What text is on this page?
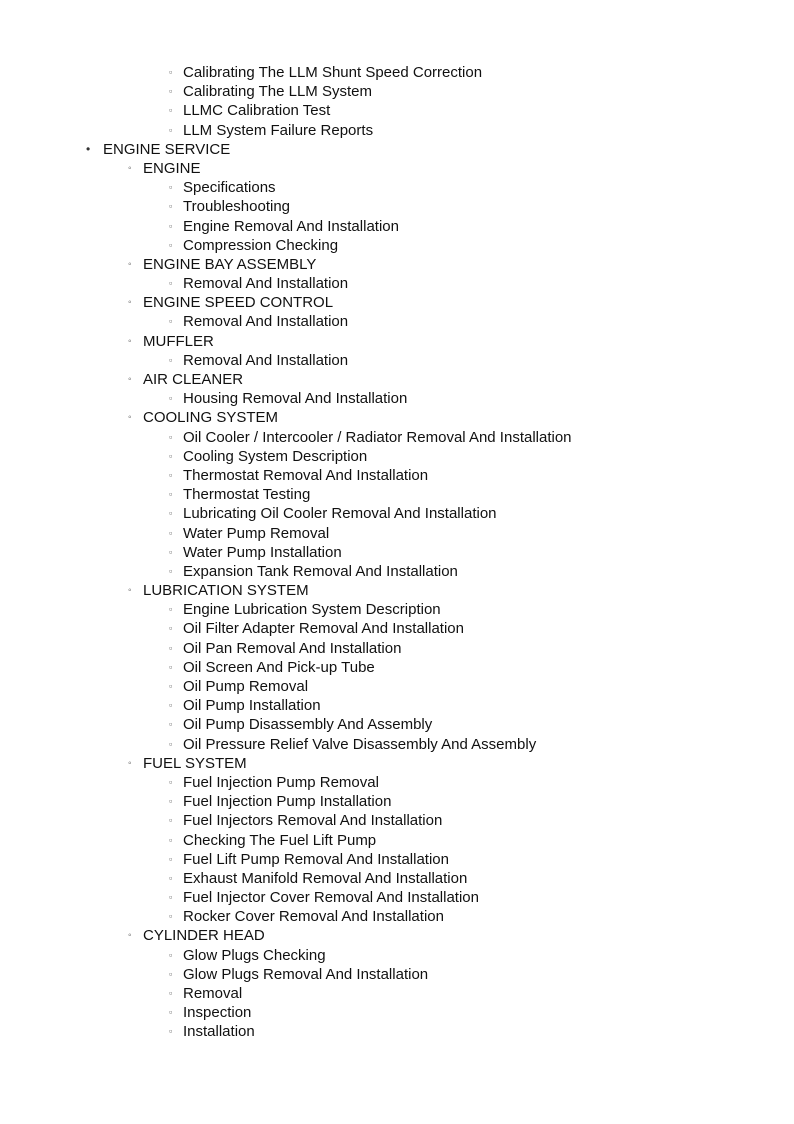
▫ Calibrating The LLM Shunt Speed Correction
▫ Calibrating The LLM System
▫ LLMC Calibration Test
▫ LLM System Failure Reports
• ENGINE SERVICE
◦ ENGINE
▫ Specifications
▫ Troubleshooting
▫ Engine Removal And Installation
▫ Compression Checking
◦ ENGINE BAY ASSEMBLY
▫ Removal And Installation
◦ ENGINE SPEED CONTROL
▫ Removal And Installation
◦ MUFFLER
▫ Removal And Installation
◦ AIR CLEANER
▫ Housing Removal And Installation
◦ COOLING SYSTEM
▫ Oil Cooler / Intercooler / Radiator Removal And Installation
▫ Cooling System Description
▫ Thermostat Removal And Installation
▫ Thermostat Testing
▫ Lubricating Oil Cooler Removal And Installation
▫ Water Pump Removal
▫ Water Pump Installation
▫ Expansion Tank Removal And Installation
◦ LUBRICATION SYSTEM
▫ Engine Lubrication System Description
▫ Oil Filter Adapter Removal And Installation
▫ Oil Pan Removal And Installation
▫ Oil Screen And Pick-up Tube
▫ Oil Pump Removal
▫ Oil Pump Installation
▫ Oil Pump Disassembly And Assembly
▫ Oil Pressure Relief Valve Disassembly And Assembly
◦ FUEL SYSTEM
▫ Fuel Injection Pump Removal
▫ Fuel Injection Pump Installation
▫ Fuel Injectors Removal And Installation
▫ Checking The Fuel Lift Pump
▫ Fuel Lift Pump Removal And Installation
▫ Exhaust Manifold Removal And Installation
▫ Fuel Injector Cover Removal And Installation
▫ Rocker Cover Removal And Installation
◦ CYLINDER HEAD
▫ Glow Plugs Checking
▫ Glow Plugs Removal And Installation
▫ Removal
▫ Inspection
▫ Installation
